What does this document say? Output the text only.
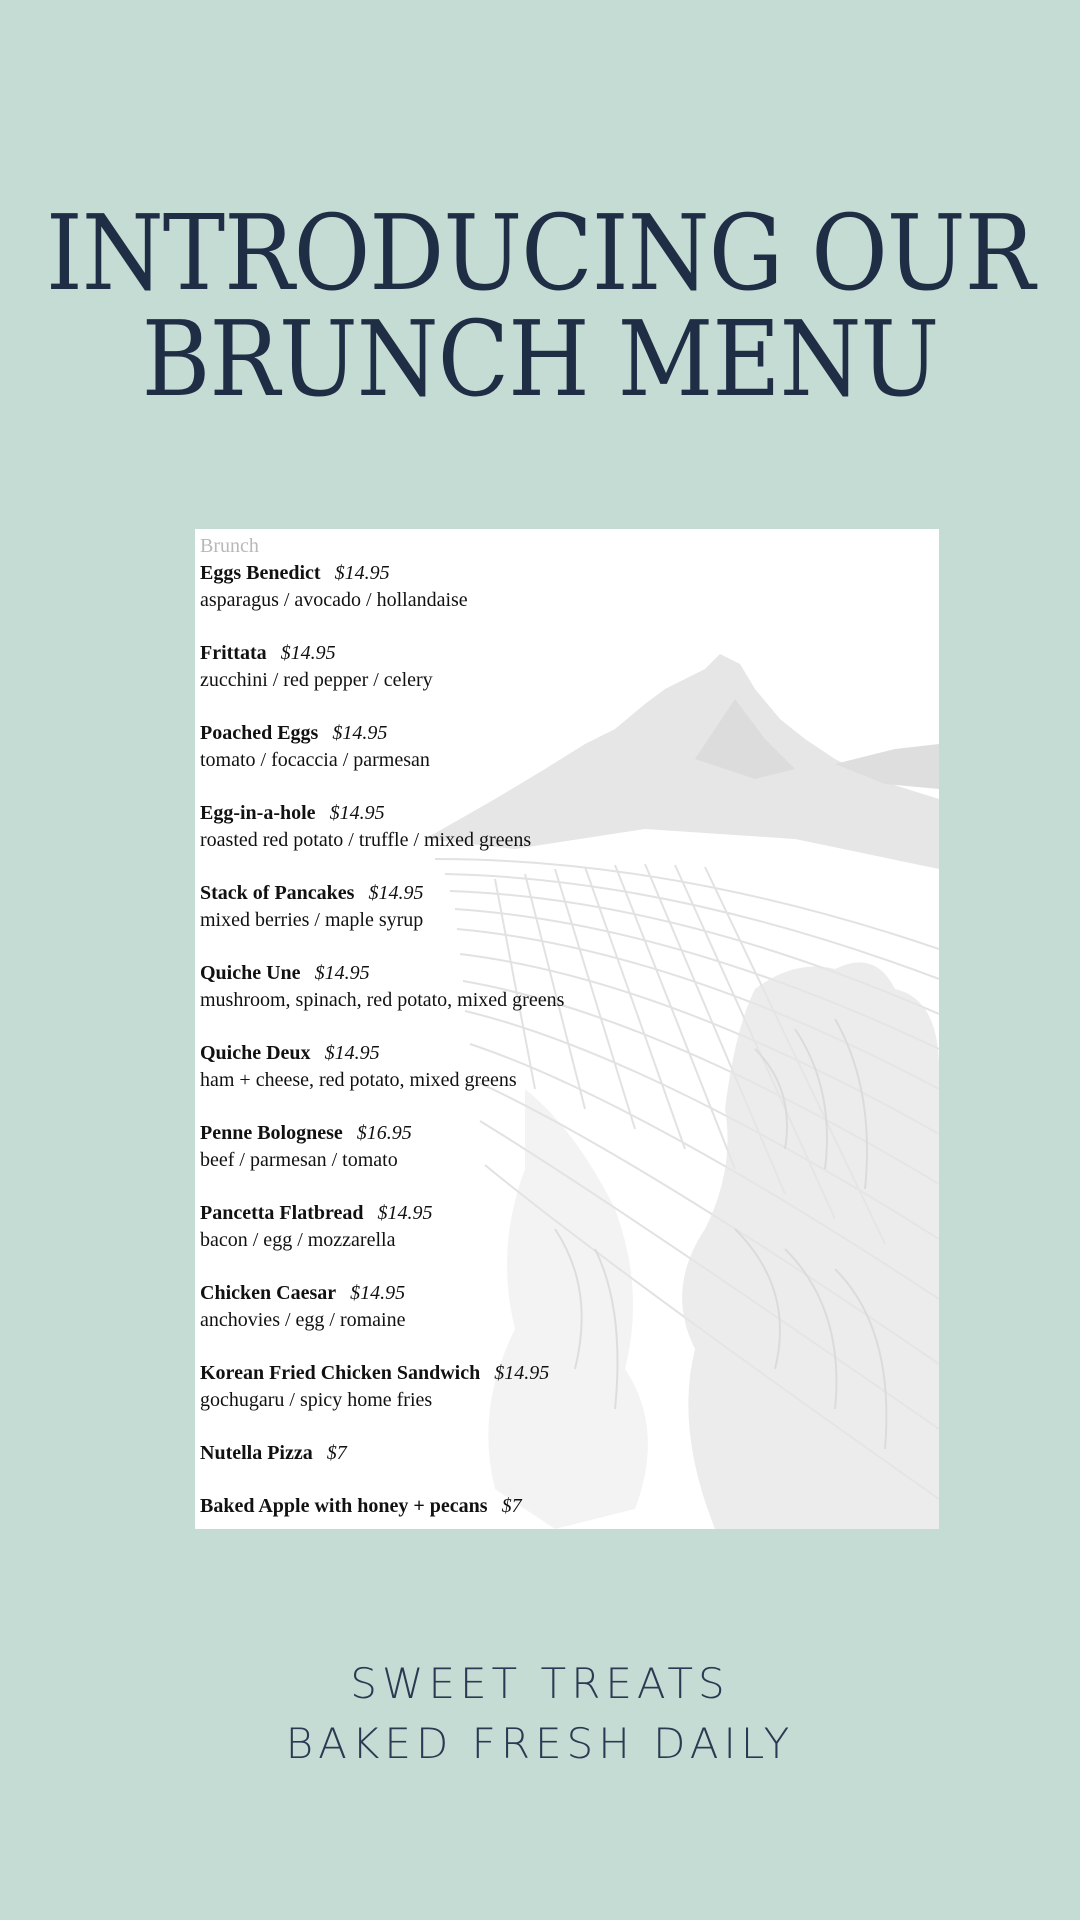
INTRODUCING OUR
BRUNCH MENU
Brunch
Eggs Benedict $14.95
asparagus / avocado / hollandaise
Frittata $14.95
zucchini / red pepper / celery
Poached Eggs $14.95
tomato / focaccia / parmesan
Egg-in-a-hole $14.95
roasted red potato / truffle / mixed greens
Stack of Pancakes $14.95
mixed berries / maple syrup
Quiche Une $14.95
mushroom, spinach, red potato, mixed greens
Quiche Deux $14.95
ham + cheese, red potato, mixed greens
Penne Bolognese $16.95
beef / parmesan / tomato
Pancetta Flatbread $14.95
bacon / egg / mozzarella
Chicken Caesar $14.95
anchovies / egg / romaine
Korean Fried Chicken Sandwich $14.95
gochugaru / spicy home fries
Nutella Pizza $7
Baked Apple with honey + pecans $7

SWEET TREATS
BAKED FRESH DAILY
